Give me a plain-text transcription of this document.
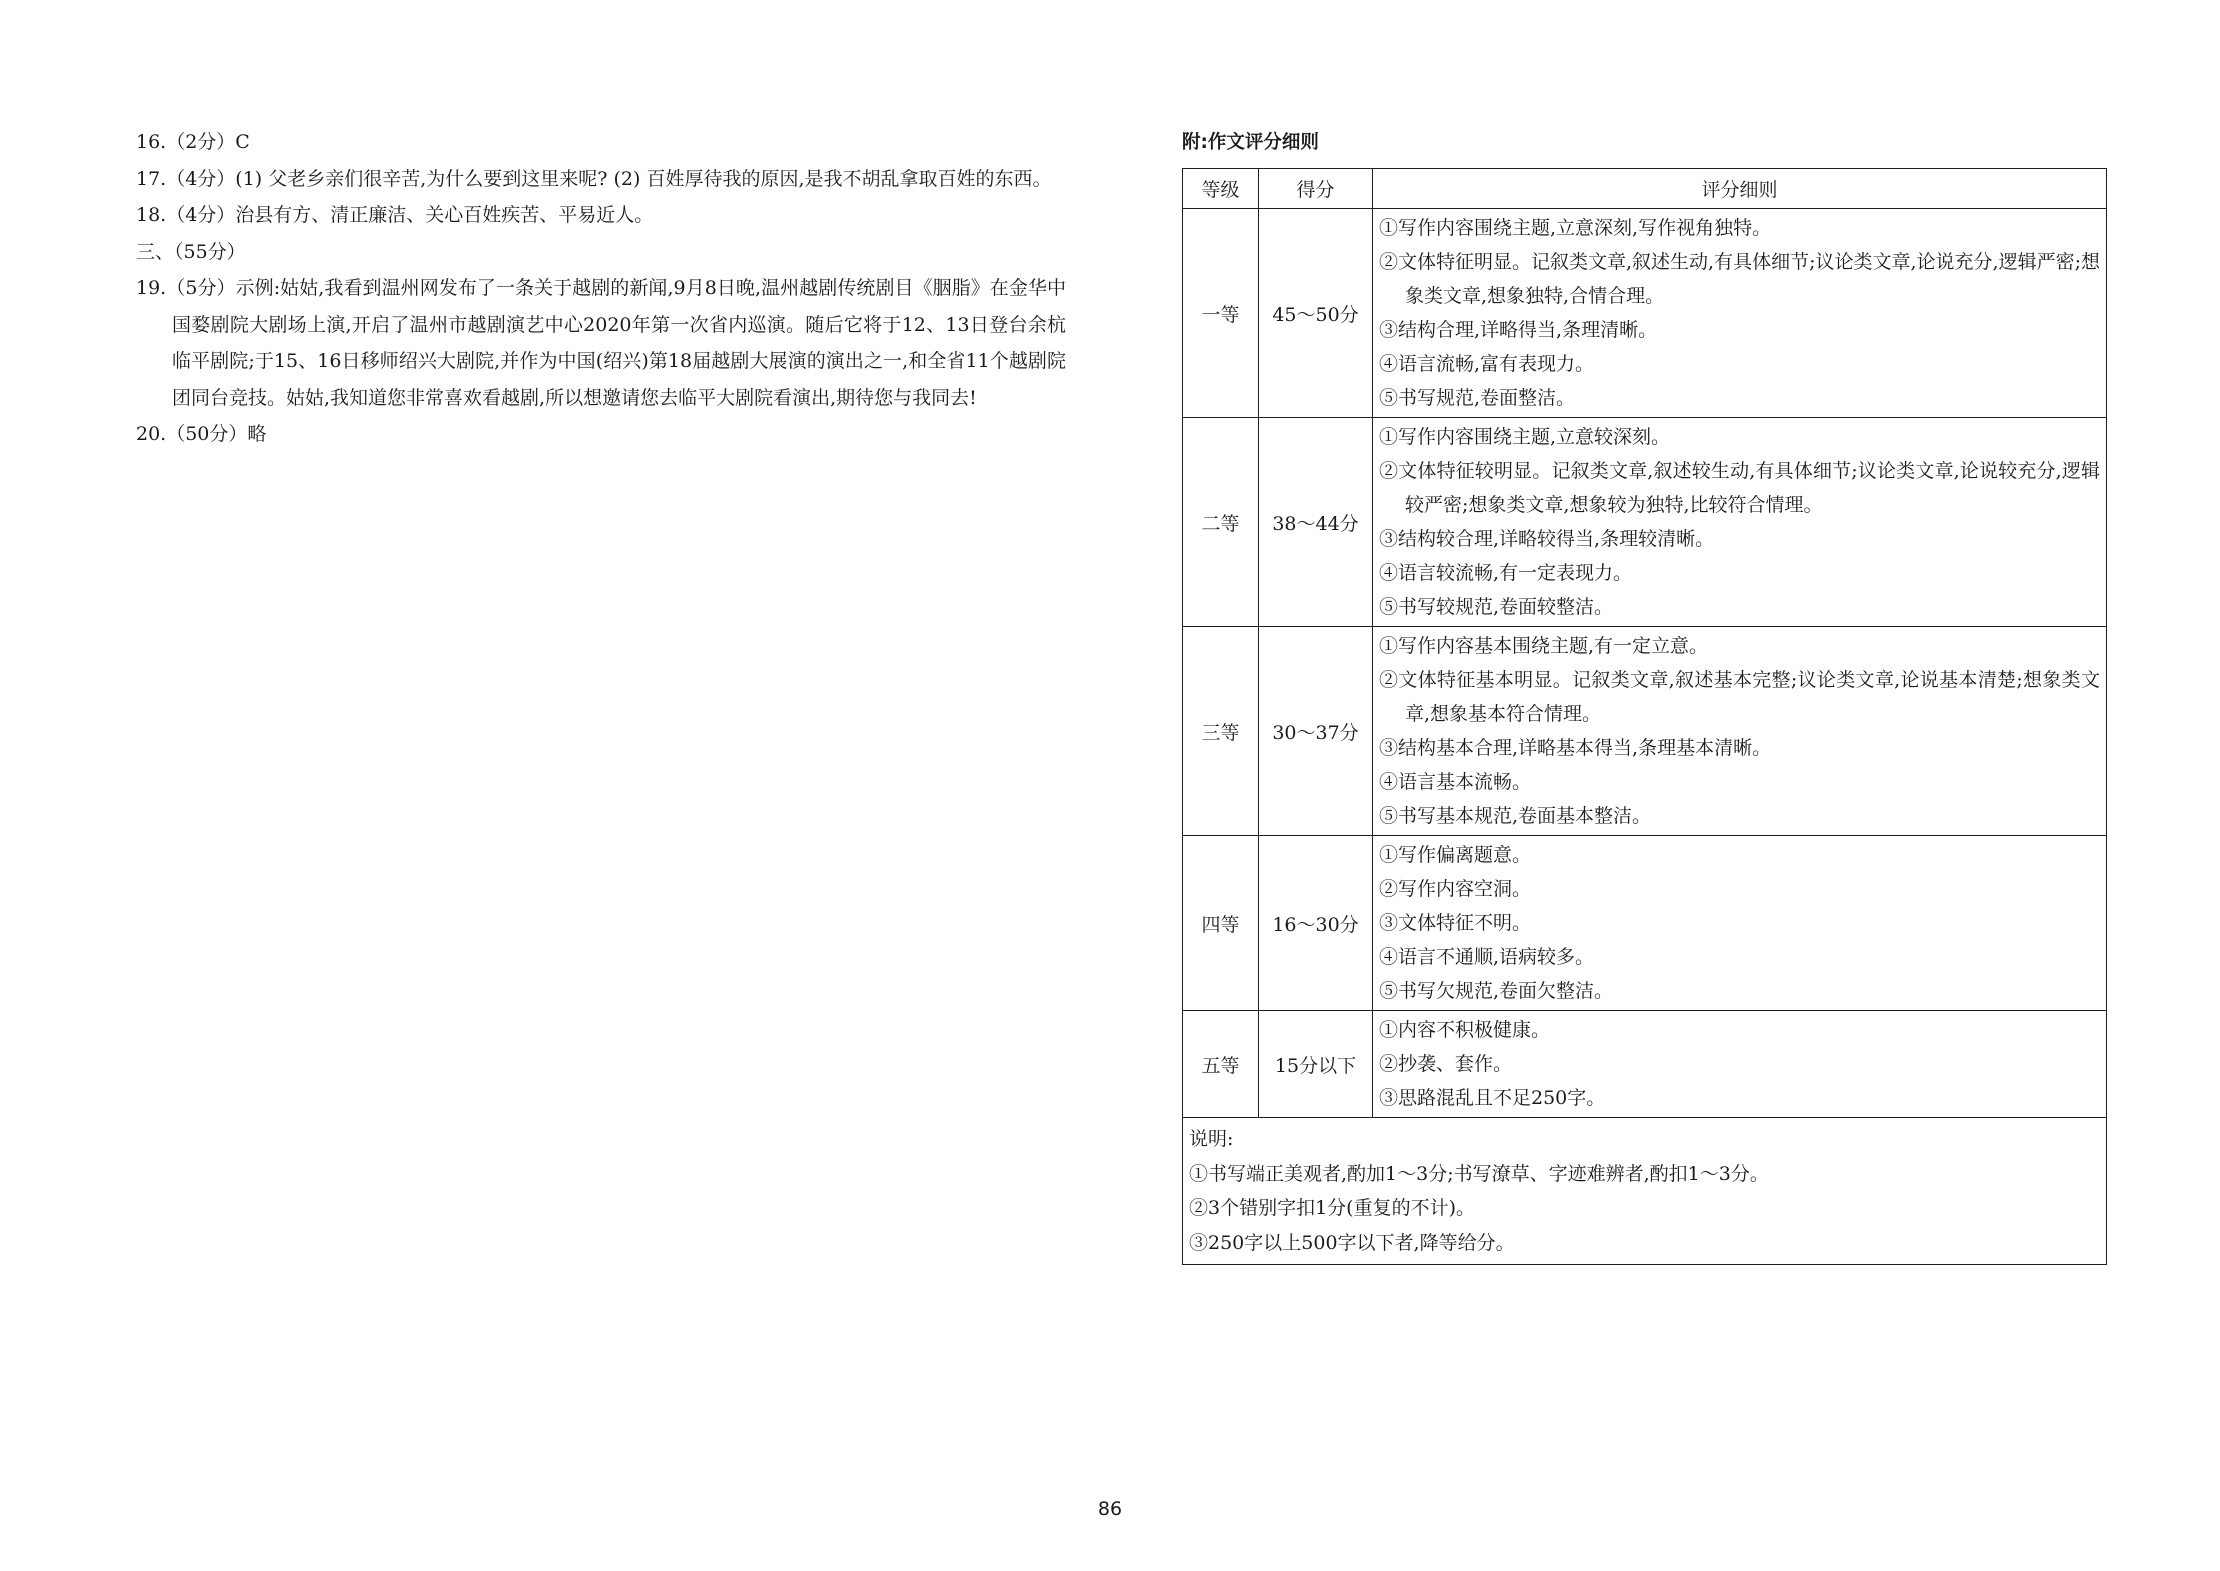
16.（2分）C

17.（4分）(1) 父老乡亲们很辛苦,为什么要到这里来呢? (2) 百姓厚待我的原因,是我不胡乱拿取百姓的东西。

18.（4分）治县有方、清正廉洁、关心百姓疾苦、平易近人。

三、（55分）

19.（5分）示例:姑姑,我看到温州网发布了一条关于越剧的新闻,9月8日晚,温州越剧传统剧目《胭脂》在金华中国婺剧院大剧场上演,开启了温州市越剧演艺中心2020年第一次省内巡演。随后它将于12、13日登台余杭临平剧院;于15、16日移师绍兴大剧院,并作为中国(绍兴)第18届越剧大展演的演出之一,和全省11个越剧院团同台竞技。姑姑,我知道您非常喜欢看越剧,所以想邀请您去临平大剧院看演出,期待您与我同去!

20.（50分）略

附:作文评分细则
等级	得分	评分细则
一等	45～50分	①写作内容围绕主题,立意深刻,写作视角独特。
②文体特征明显。记叙类文章,叙述生动,有具体细节;议论类文章,论说充分,逻辑严密;想象类文章,想象独特,合情合理。
③结构合理,详略得当,条理清晰。
④语言流畅,富有表现力。
⑤书写规范,卷面整洁。

二等	38～44分	①写作内容围绕主题,立意较深刻。
②文体特征较明显。记叙类文章,叙述较生动,有具体细节;议论类文章,论说较充分,逻辑较严密;想象类文章,想象较为独特,比较符合情理。
③结构较合理,详略较得当,条理较清晰。
④语言较流畅,有一定表现力。
⑤书写较规范,卷面较整洁。

三等	30～37分	①写作内容基本围绕主题,有一定立意。
②文体特征基本明显。记叙类文章,叙述基本完整;议论类文章,论说基本清楚;想象类文章,想象基本符合情理。
③结构基本合理,详略基本得当,条理基本清晰。
④语言基本流畅。
⑤书写基本规范,卷面基本整洁。

四等	16～30分	①写作偏离题意。
②写作内容空洞。
③文体特征不明。
④语言不通顺,语病较多。
⑤书写欠规范,卷面欠整洁。

五等	15分以下	①内容不积极健康。
②抄袭、套作。
③思路混乱且不足250字。

说明:
①书写端正美观者,酌加1～3分;书写潦草、字迹难辨者,酌扣1～3分。
②3个错别字扣1分(重复的不计)。
③250字以上500字以下者,降等给分。		
86
